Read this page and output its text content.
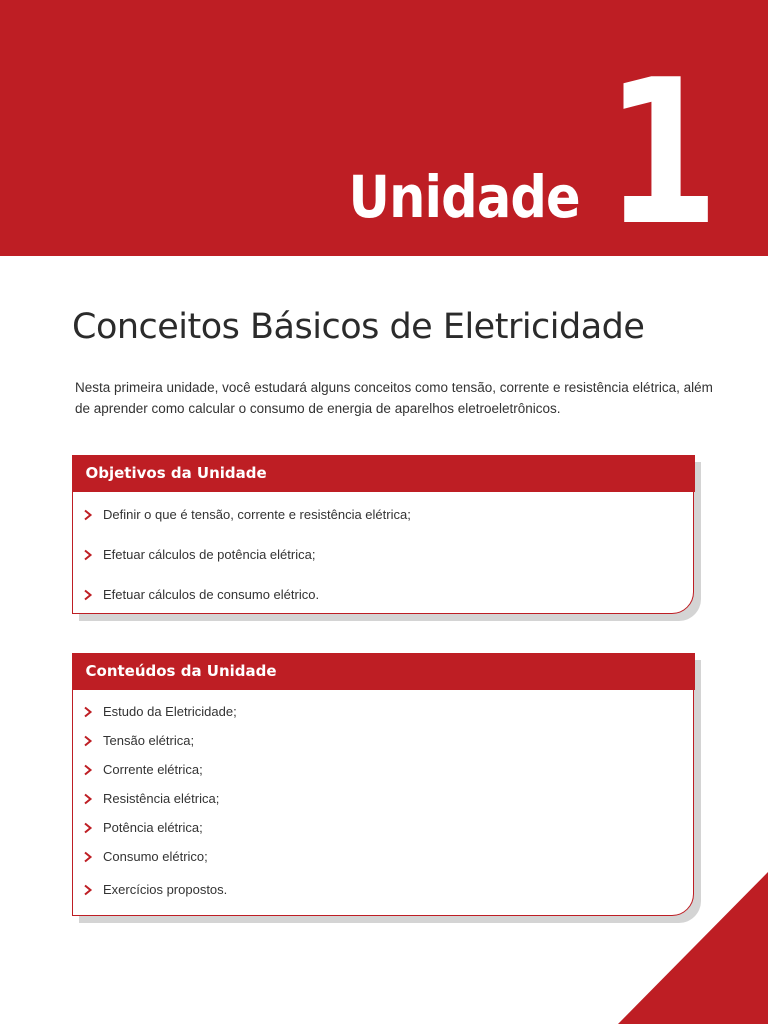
Unidade 1
Conceitos Básicos de Eletricidade

Nesta primeira unidade, você estudará alguns conceitos como tensão, corrente e resistência elétrica, além de aprender como calcular o consumo de energia de aparelhos eletroeletrônicos.

Objetivos da Unidade
Definir o que é tensão, corrente e resistência elétrica;
Efetuar cálculos de potência elétrica;
Efetuar cálculos de consumo elétrico.
Conteúdos da Unidade
Estudo da Eletricidade;
Tensão elétrica;
Corrente elétrica;
Resistência elétrica;
Potência elétrica;
Consumo elétrico;
Exercícios propostos.
